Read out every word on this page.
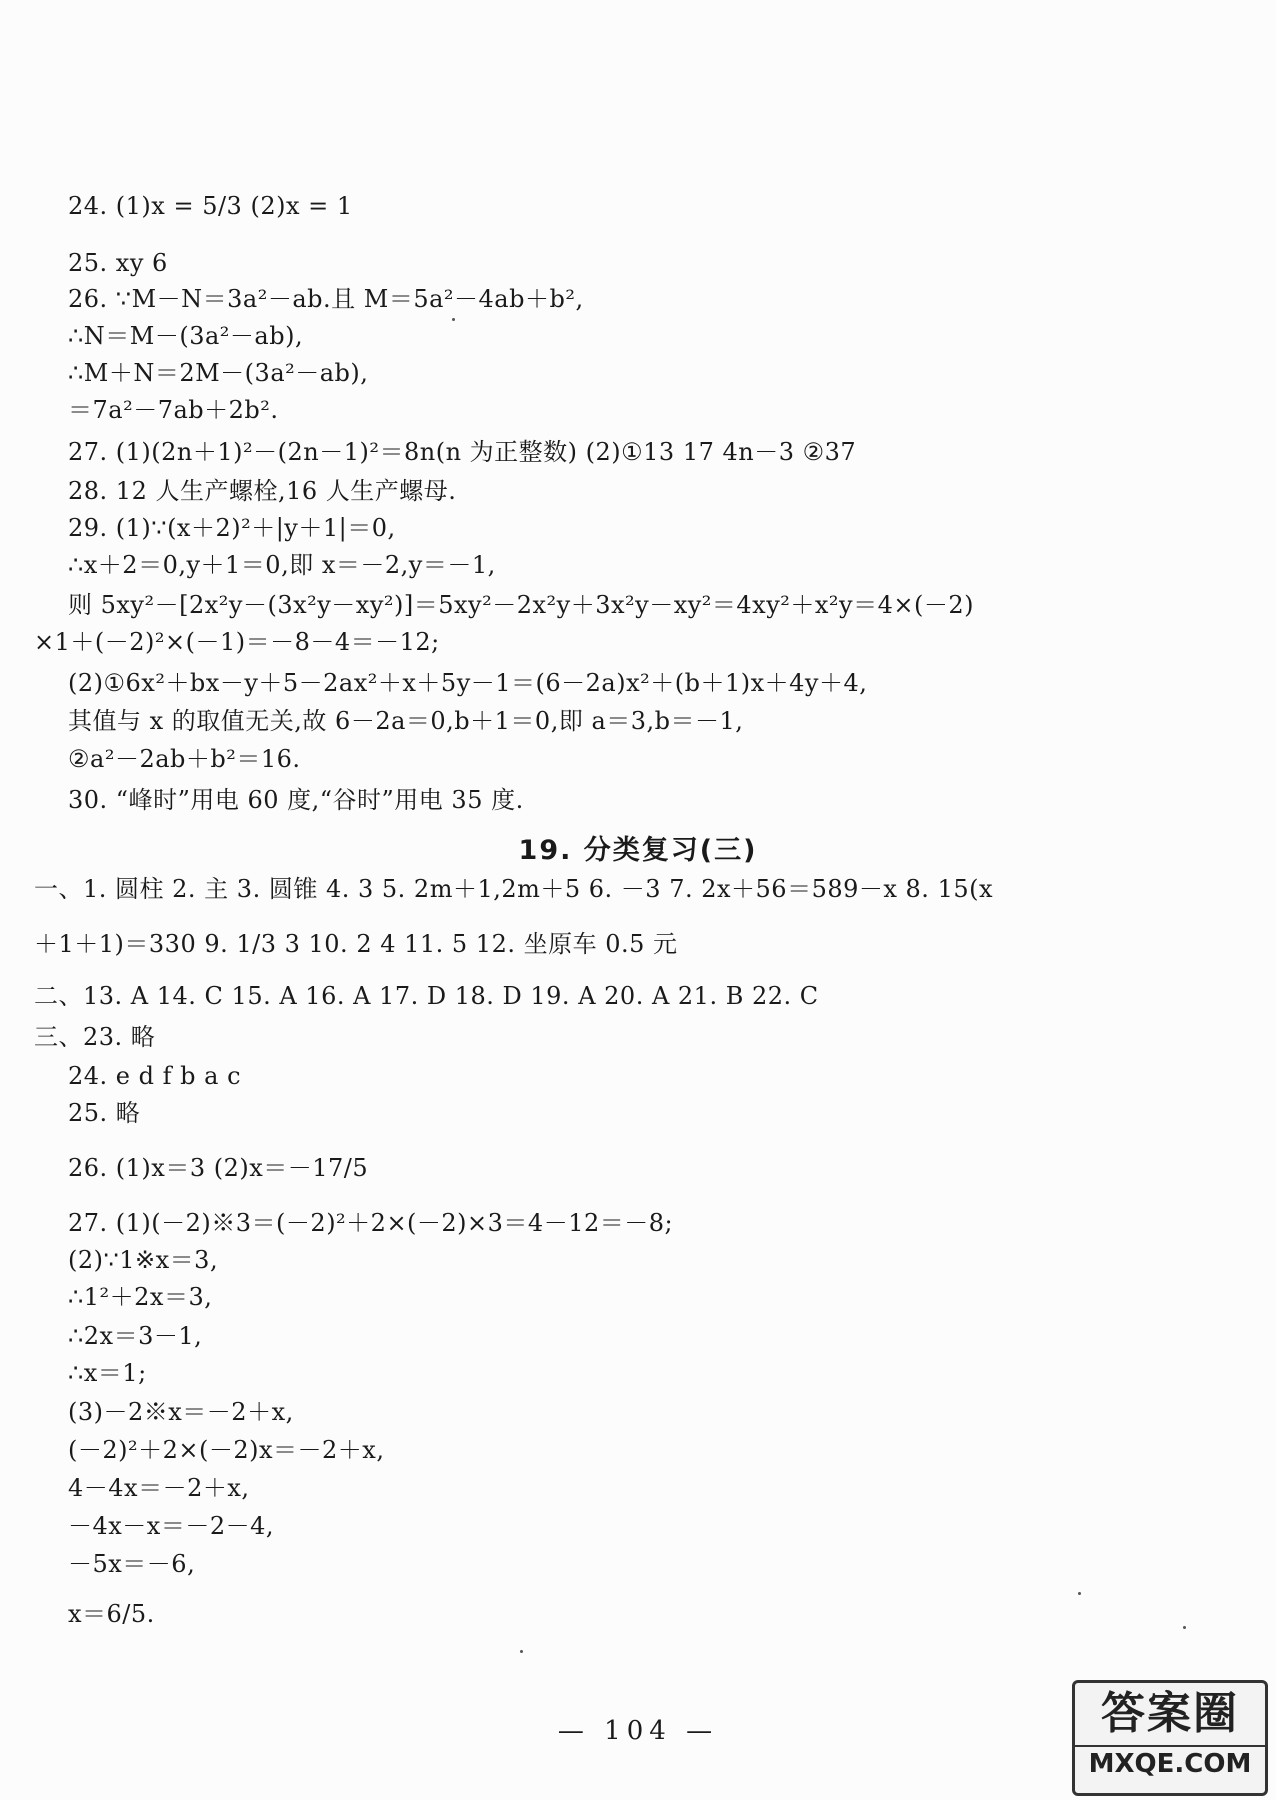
24. (1)x = 5/3 (2)x = 1
25. xy 6
26. ∵M－N＝3a²－ab.且 M＝5a²－4ab＋b²,
∴N＝M－(3a²－ab),
∴M＋N＝2M－(3a²－ab),
＝7a²－7ab＋2b².
27. (1)(2n＋1)²－(2n－1)²＝8n(n 为正整数) (2)①13 17 4n－3 ②37
28. 12 人生产螺栓,16 人生产螺母.
29. (1)∵(x＋2)²＋|y＋1|＝0,
∴x＋2＝0,y＋1＝0,即 x＝－2,y＝－1,
则 5xy²－[2x²y－(3x²y－xy²)]＝5xy²－2x²y＋3x²y－xy²＝4xy²＋x²y＝4×(－2)
×1＋(－2)²×(－1)＝－8－4＝－12;
(2)①6x²＋bx－y＋5－2ax²＋x＋5y－1＝(6－2a)x²＋(b＋1)x＋4y＋4,
其值与 x 的取值无关,故 6－2a＝0,b＋1＝0,即 a＝3,b＝－1,
②a²－2ab＋b²＝16.
30. “峰时”用电 60 度,“谷时”用电 35 度.
19. 分类复习(三)
一、1. 圆柱 2. 主 3. 圆锥 4. 3 5. 2m＋1,2m＋5 6. －3 7. 2x＋56＝589－x 8. 15(x
＋1＋1)＝330 9. 1/3 3 10. 2 4 11. 5 12. 坐原车 0.5 元
二、13. A 14. C 15. A 16. A 17. D 18. D 19. A 20. A 21. B 22. C
三、23. 略
24. e d f b a c
25. 略
26. (1)x＝3 (2)x＝－17/5
27. (1)(－2)※3＝(－2)²＋2×(－2)×3＝4－12＝－8;
(2)∵1※x＝3,
∴1²＋2x＝3,
∴2x＝3－1,
∴x＝1;
(3)－2※x＝－2＋x,
(－2)²＋2×(－2)x＝－2＋x,
4－4x＝－2＋x,
－4x－x＝－2－4,
－5x＝－6,
x＝6/5.
— 104 —	答案圈
MXQE.COM
